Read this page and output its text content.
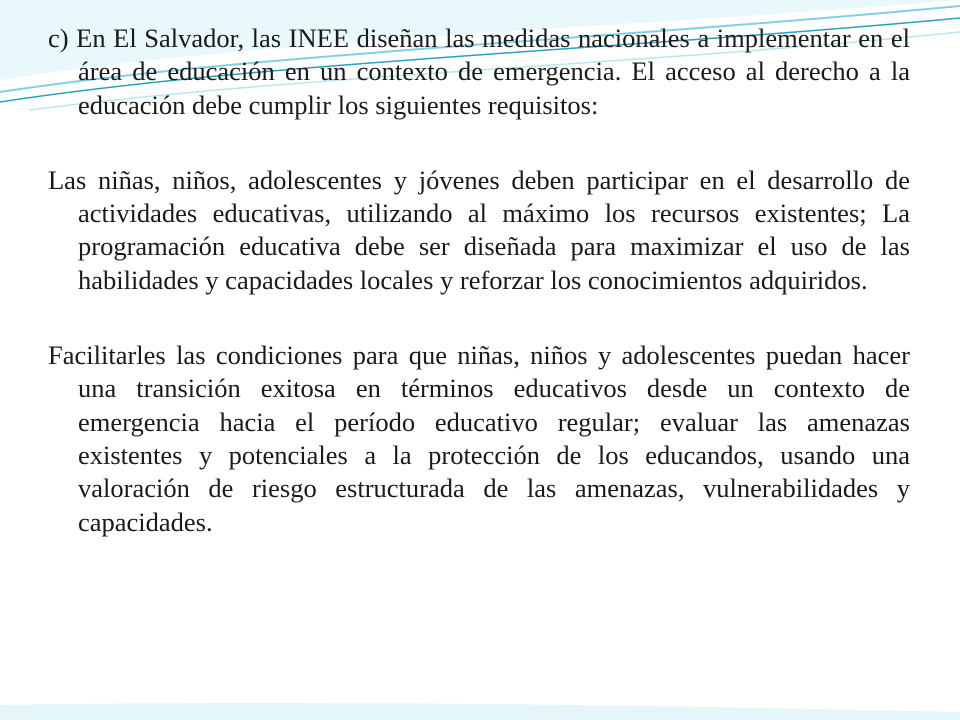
c) En El Salvador, las INEE diseñan las medidas nacionales a implementar en el área de educación en un contexto de emergencia. El acceso al derecho a la educación debe cumplir los siguientes requisitos:

Las niñas, niños, adolescentes y jóvenes deben participar en el desarrollo de actividades educativas, utilizando al máximo los recursos existentes; La programación educativa debe ser diseñada para maximizar el uso de las habilidades y capacidades locales y reforzar los conocimientos adquiridos.

Facilitarles las condiciones para que niñas, niños y adolescentes puedan hacer una transición exitosa en términos educativos desde un contexto de emergencia hacia el período educativo regular; evaluar las amenazas existentes y potenciales a la protección de los educandos, usando una valoración de riesgo estructurada de las amenazas, vulnerabilidades y capacidades.
